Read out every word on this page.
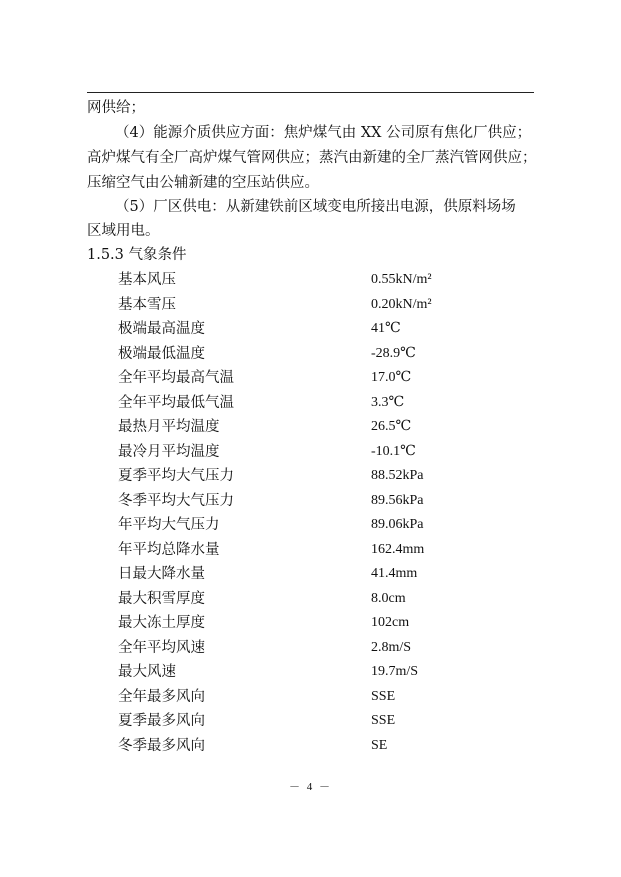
网供给；
（4）能源介质供应方面：焦炉煤气由 XX 公司原有焦化厂供应；
高炉煤气有全厂高炉煤气管网供应；蒸汽由新建的全厂蒸汽管网供应；
压缩空气由公辅新建的空压站供应。
（5）厂区供电：从新建铁前区域变电所接出电源，供原料场场
区域用电。
1.5.3 气象条件
基本风压	0.55kN/m²
基本雪压	0.20kN/m²
极端最高温度	41℃
极端最低温度	-28.9℃
全年平均最高气温	17.0℃
全年平均最低气温	3.3℃
最热月平均温度	26.5℃
最冷月平均温度	-10.1℃
夏季平均大气压力	88.52kPa
冬季平均大气压力	89.56kPa
年平均大气压力	89.06kPa
年平均总降水量	162.4mm
日最大降水量	41.4mm
最大积雪厚度	8.0cm
最大冻土厚度	102cm
全年平均风速	2.8m/S
最大风速	19.7m/S
全年最多风向	SSE
夏季最多风向	SSE
冬季最多风向	SE
－ 4 －
